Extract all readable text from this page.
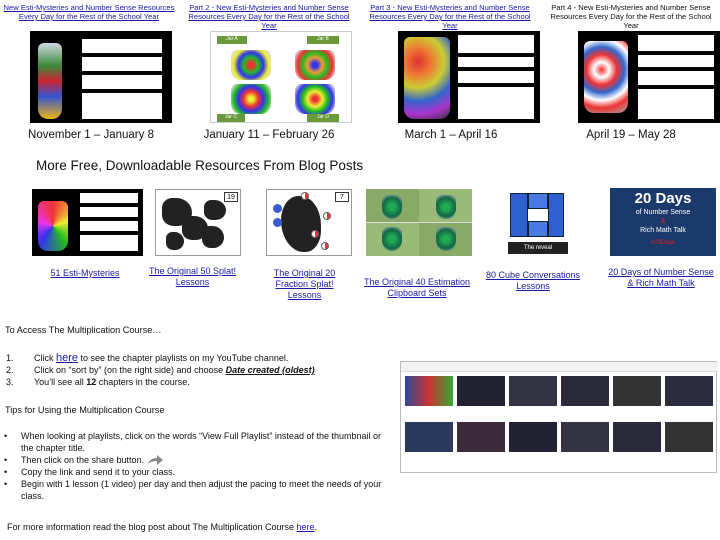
New Esti-Mysteries and Number Sense Resources Every Day for the Rest of the School Year
Part 2 - New Esti-Mysteries and Number Sense Resources Every Day for the Rest of the School Year
Part 3 - New Esti-Mysteries and Number Sense Resources Every Day for the Rest of the School Year
Part 4 - New Esti-Mysteries and Number Sense Resources Every Day for the Rest of the School Year
Jar A	Jar B
Jar C	Jar D
November 1 – January 8	January 11 – February 26	March 1 – April 16	April 19 – May 28
More Free, Downloadable Resources From Blog Posts
19	7
The reveal
20 Days
of Number Sense
&
Rich Math Talk
#20Days
51 Esti-Mysteries	The Original 50 Splat! Lessons
The Original 20 Fraction Splat! Lessons
The Original 40 Estimation Clipboard Sets
80 Cube Conversations Lessons
20 Days of Number Sense & Rich Math Talk
To Access The Multiplication Course…
1.	Click here to see the chapter playlists on my YouTube channel.
2.	Click on “sort by” (on the right side) and choose Date created (oldest)
3.	You’ll see all 12 chapters in the course.
Tips for Using the Multiplication Course
•	When looking at playlists, click on the words “View Full Playlist” instead of the thumbnail or the chapter title.
•	Then click on the share button.
•	Copy the link and send it to your class.
•	Begin with 1 lesson (1 video) per day and then adjust the pacing to meet the needs of your class.
For more information read the blog post about The Multiplication Course here.
